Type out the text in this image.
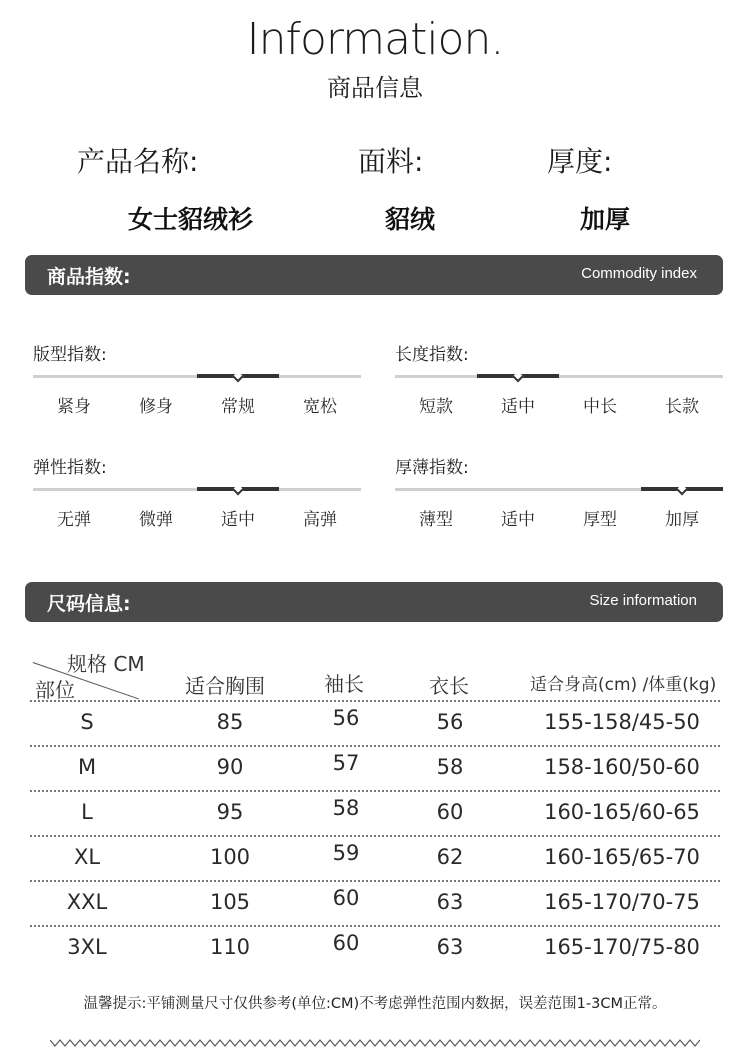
Information.
商品信息
产品名称:	面料:	厚度:
女士貂绒衫	貂绒	加厚
商品指数:	Commodity index
版型指数:
紧身	修身	常规	宽松
长度指数:
短款	适中	中长	长款
弹性指数:
无弹	微弹	适中	高弹
厚薄指数:
薄型	适中	厚型	加厚
尺码信息:	Size information
规格 CM
部位	适合胸围	袖长	衣长	适合身高(cm) /体重(kg)
S	85	56	56	155-158/45-50
M	90	57	58	158-160/50-60
L	95	58	60	160-165/60-65
XL	100	59	62	160-165/65-70
XXL	105	60	63	165-170/70-75
3XL	110	60	63	165-170/75-80
温馨提示:平铺测量尺寸仅供参考(单位:CM)不考虑弹性范围内数据，误差范围1-3CM正常。
